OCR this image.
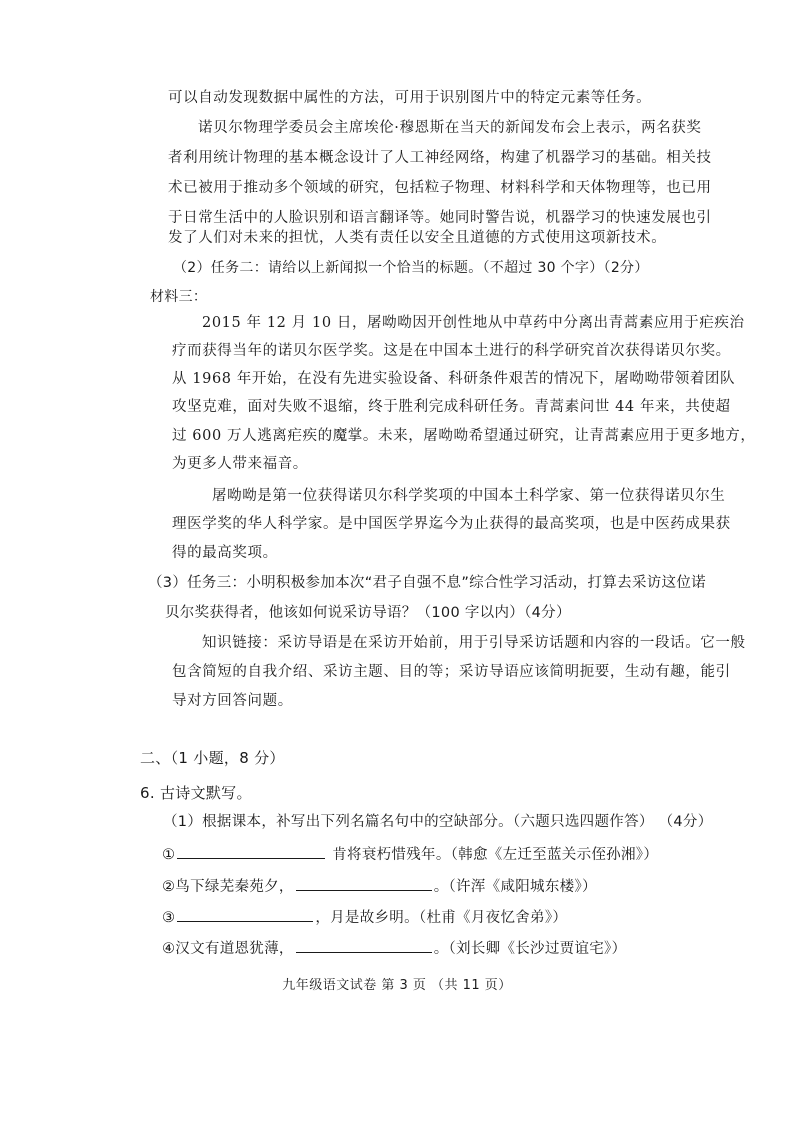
可以自动发现数据中属性的方法，可用于识别图片中的特定元素等任务。
诺贝尔物理学委员会主席埃伦·穆恩斯在当天的新闻发布会上表示，两名获奖
者利用统计物理的基本概念设计了人工神经网络，构建了机器学习的基础。相关技
术已被用于推动多个领域的研究，包括粒子物理、材料科学和天体物理等，也已用
于日常生活中的人脸识别和语言翻译等。她同时警告说，机器学习的快速发展也引
发了人们对未来的担忧，人类有责任以安全且道德的方式使用这项新技术。
（2）任务二：请给以上新闻拟一个恰当的标题。（不超过 30 个字）（2分）
材料三：
2015 年 12 月 10 日，屠呦呦因开创性地从中草药中分离出青蒿素应用于疟疾治
疗而获得当年的诺贝尔医学奖。这是在中国本土进行的科学研究首次获得诺贝尔奖。
从 1968 年开始，在没有先进实验设备、科研条件艰苦的情况下，屠呦呦带领着团队
攻坚克难，面对失败不退缩，终于胜利完成科研任务。青蒿素问世 44 年来，共使超
过 600 万人逃离疟疾的魔掌。未来，屠呦呦希望通过研究，让青蒿素应用于更多地方，
为更多人带来福音。
屠呦呦是第一位获得诺贝尔科学奖项的中国本土科学家、第一位获得诺贝尔生
理医学奖的华人科学家。是中国医学界迄今为止获得的最高奖项，也是中医药成果获
得的最高奖项。
（3）任务三：小明积极参加本次“君子自强不息”综合性学习活动，打算去采访这位诺
贝尔奖获得者，他该如何说采访导语？（100 字以内）（4分）
知识链接：采访导语是在采访开始前，用于引导采访话题和内容的一段话。它一般
包含简短的自我介绍、采访主题、目的等；采访导语应该简明扼要，生动有趣，能引
导对方回答问题。
二、（1 小题，8 分）
6. 古诗文默写。
（1）根据课本，补写出下列名篇名句中的空缺部分。（六题只选四题作答） （4分）
①	肯将衰朽惜残年。（韩愈《左迁至蓝关示侄孙湘》）
②鸟下绿芜秦苑夕，	。（许浑《咸阳城东楼》）
③	，月是故乡明。（杜甫《月夜忆舍弟》）
④汉文有道恩犹薄，	。（刘长卿《长沙过贾谊宅》）
九年级语文试卷 第 3 页 （共 11 页）
